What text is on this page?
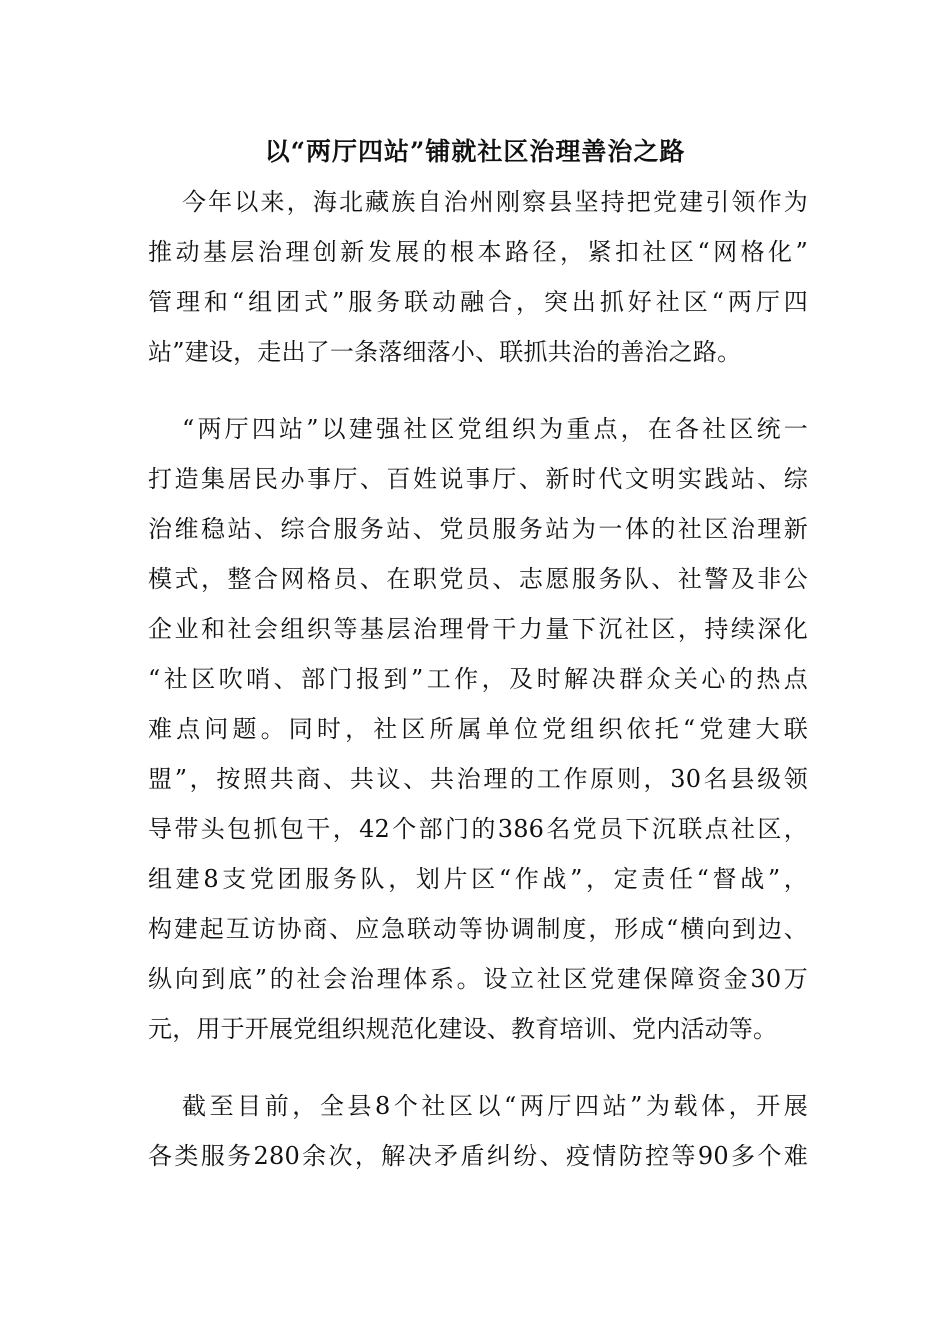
以“两厅四站”铺就社区治理善治之路
今年以来，海北藏族自治州刚察县坚持把党建引领作为
推动基层治理创新发展的根本路径，紧扣社区“网格化”
管理和“组团式”服务联动融合，突出抓好社区“两厅四
站”建设，走出了一条落细落小、联抓共治的善治之路。
“两厅四站”以建强社区党组织为重点，在各社区统一
打造集居民办事厅、百姓说事厅、新时代文明实践站、综
治维稳站、综合服务站、党员服务站为一体的社区治理新
模式，整合网格员、在职党员、志愿服务队、社警及非公
企业和社会组织等基层治理骨干力量下沉社区，持续深化
“社区吹哨、部门报到”工作，及时解决群众关心的热点
难点问题。同时，社区所属单位党组织依托“党建大联
盟”，按照共商、共议、共治理的工作原则，30名县级领
导带头包抓包干，42个部门的386名党员下沉联点社区，
组建8支党团服务队，划片区“作战”，定责任“督战”，
构建起互访协商、应急联动等协调制度，形成“横向到边、
纵向到底”的社会治理体系。设立社区党建保障资金30万
元，用于开展党组织规范化建设、教育培训、党内活动等。
截至目前，全县8个社区以“两厅四站”为载体，开展
各类服务280余次，解决矛盾纠纷、疫情防控等90多个难
